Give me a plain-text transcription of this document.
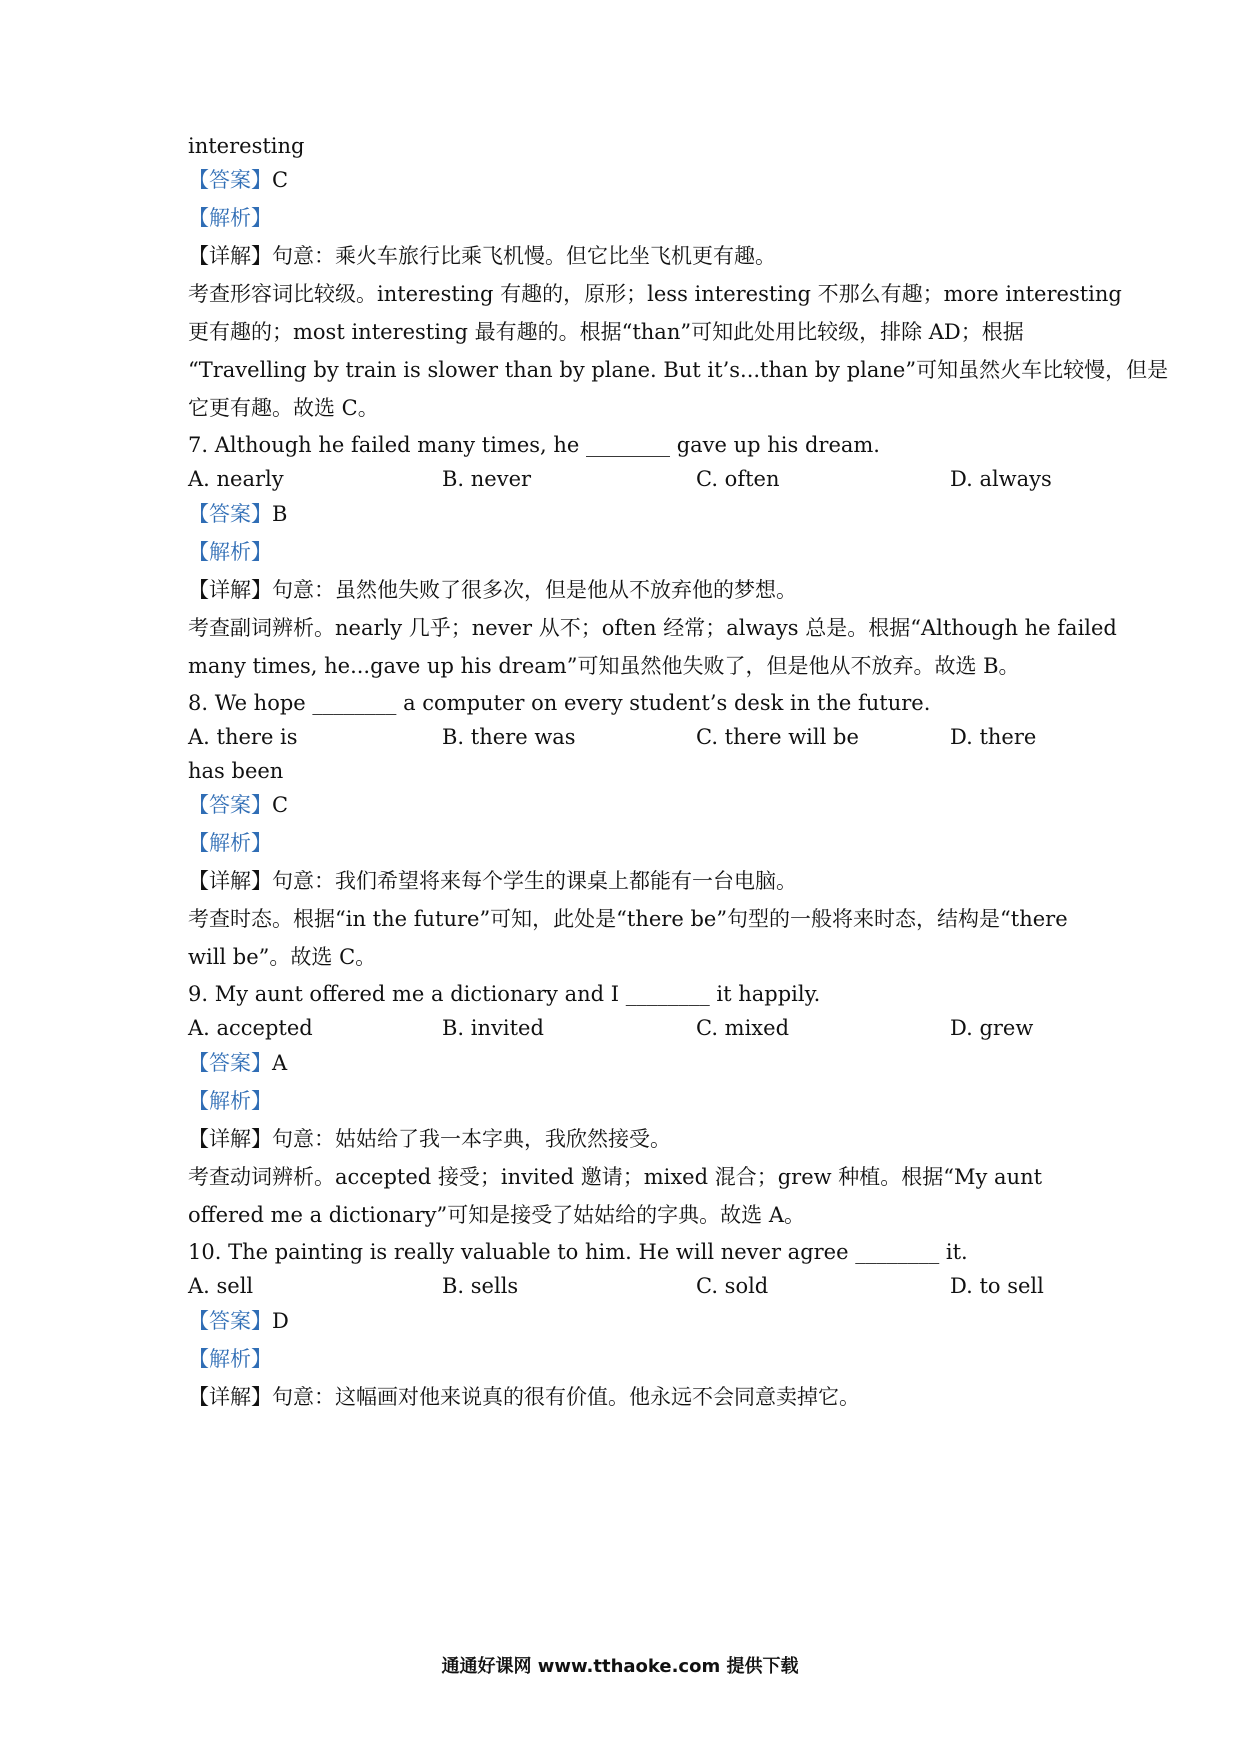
interesting
【答案】C
【解析】
【详解】句意：乘火车旅行比乘飞机慢。但它比坐飞机更有趣。
考查形容词比较级。interesting 有趣的，原形；less interesting 不那么有趣；more interesting
更有趣的；most interesting 最有趣的。根据“than”可知此处用比较级，排除 AD；根据
“Travelling by train is slower than by plane. But it’s...than by plane”可知虽然火车比较慢，但是
它更有趣。故选 C。
7. Although he failed many times, he ________ gave up his dream.
A. nearly	B. never	C. often	D. always
【答案】B
【解析】
【详解】句意：虽然他失败了很多次，但是他从不放弃他的梦想。
考查副词辨析。nearly 几乎；never 从不；often 经常；always 总是。根据“Although he failed
many times, he...gave up his dream”可知虽然他失败了，但是他从不放弃。故选 B。
8. We hope ________ a computer on every student’s desk in the future.
A. there is	B. there was	C. there will be	D. there
has been
【答案】C
【解析】
【详解】句意：我们希望将来每个学生的课桌上都能有一台电脑。
考查时态。根据“in the future”可知，此处是“there be”句型的一般将来时态，结构是“there
will be”。故选 C。
9. My aunt offered me a dictionary and I ________ it happily.
A. accepted	B. invited	C. mixed	D. grew
【答案】A
【解析】
【详解】句意：姑姑给了我一本字典，我欣然接受。
考查动词辨析。accepted 接受；invited 邀请；mixed 混合；grew 种植。根据“My aunt
offered me a dictionary”可知是接受了姑姑给的字典。故选 A。
10. The painting is really valuable to him. He will never agree ________ it.
A. sell	B. sells	C. sold	D. to sell
【答案】D
【解析】
【详解】句意：这幅画对他来说真的很有价值。他永远不会同意卖掉它。
通通好课网 www.tthaoke.com 提供下载
